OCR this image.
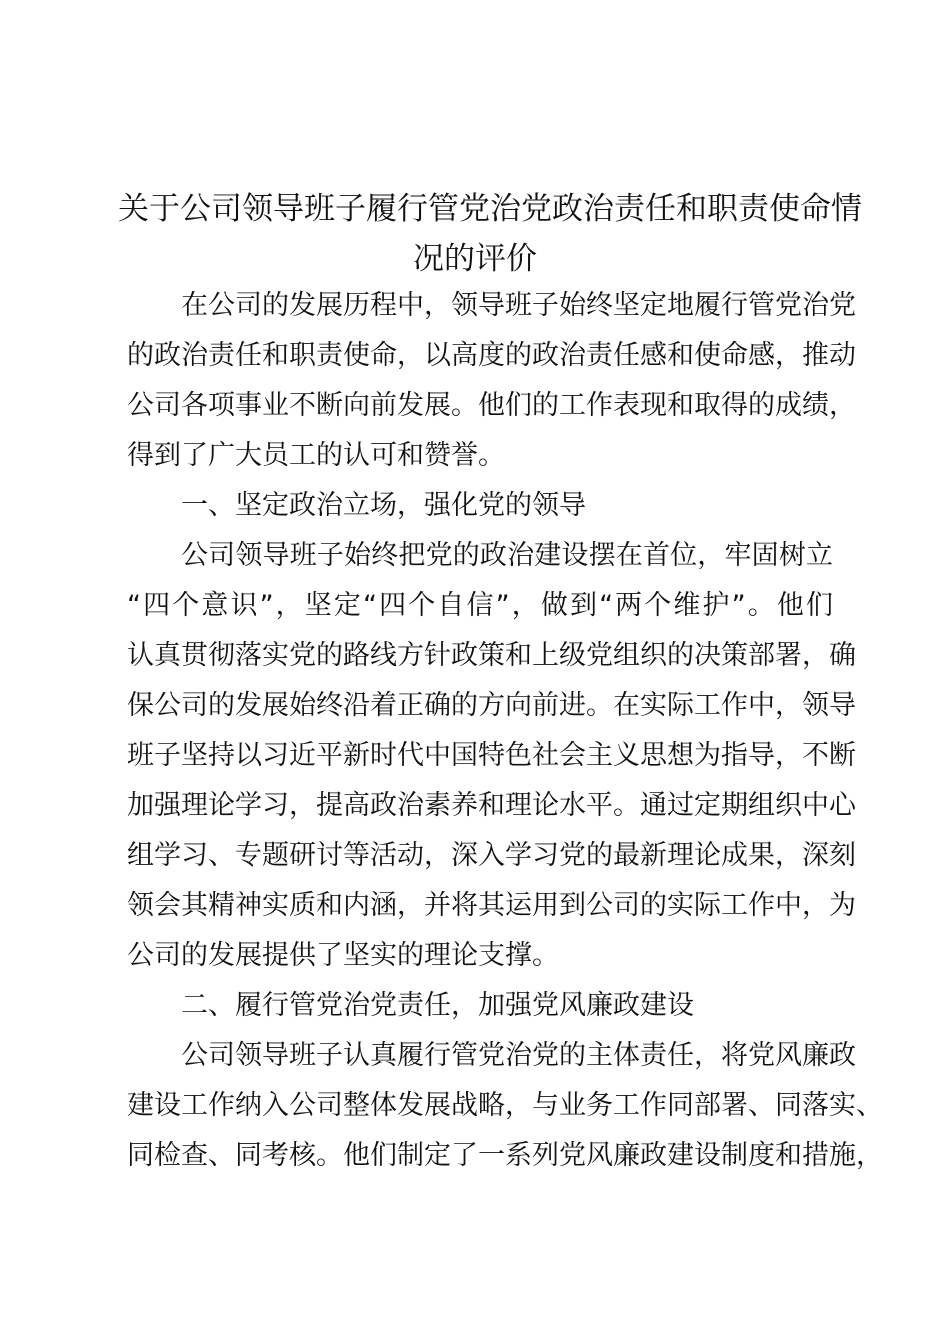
关于公司领导班子履行管党治党政治责任和职责使命情
况的评价
在公司的发展历程中，领导班子始终坚定地履行管党治党
的政治责任和职责使命，以高度的政治责任感和使命感，推动
公司各项事业不断向前发展。他们的工作表现和取得的成绩，
得到了广大员工的认可和赞誉。
一、坚定政治立场，强化党的领导
公司领导班子始终把党的政治建设摆在首位，牢固树立
“四个意识”，坚定“四个自信”，做到“两个维护”。他们
认真贯彻落实党的路线方针政策和上级党组织的决策部署，确
保公司的发展始终沿着正确的方向前进。在实际工作中，领导
班子坚持以习近平新时代中国特色社会主义思想为指导，不断
加强理论学习，提高政治素养和理论水平。通过定期组织中心
组学习、专题研讨等活动，深入学习党的最新理论成果，深刻
领会其精神实质和内涵，并将其运用到公司的实际工作中，为
公司的发展提供了坚实的理论支撑。
二、履行管党治党责任，加强党风廉政建设
公司领导班子认真履行管党治党的主体责任，将党风廉政
建设工作纳入公司整体发展战略，与业务工作同部署、同落实、
同检查、同考核。他们制定了一系列党风廉政建设制度和措施，
